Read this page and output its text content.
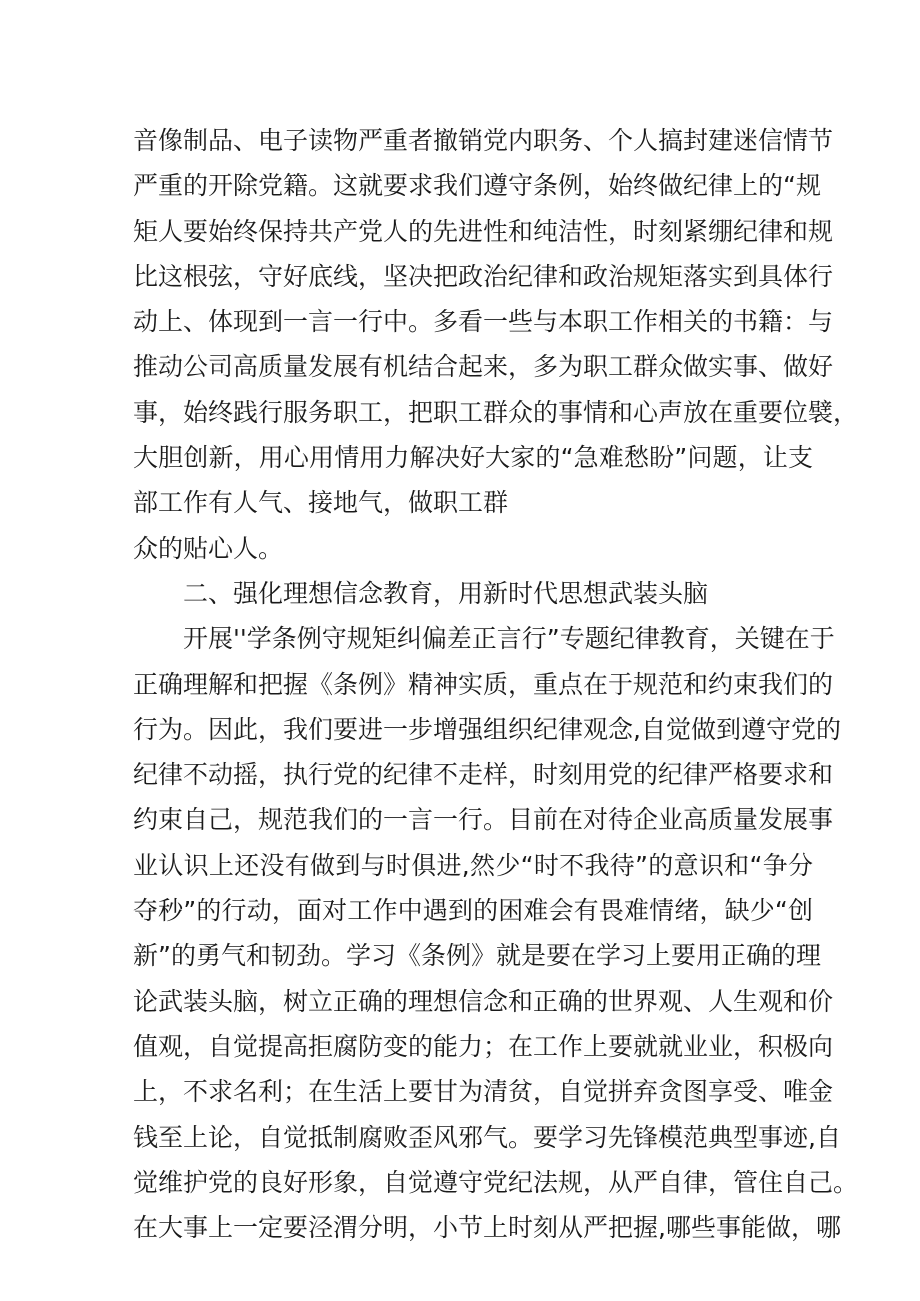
音像制品、电子读物严重者撤销党内职务、个人搞封建迷信情节
严重的开除党籍。这就要求我们遵守条例，始终做纪律上的“规
矩人要始终保持共产党人的先进性和纯洁性，时刻紧绷纪律和规
比这根弦，守好底线，坚决把政治纪律和政治规矩落实到具体行
动上、体现到一言一行中。多看一些与本职工作相关的书籍：与
推动公司高质量发展有机结合起来，多为职工群众做实事、做好
事，始终践行服务职工，把职工群众的事情和心声放在重要位襞，
大胆创新，用心用情用力解决好大家的“急难愁盼”问题，让支
部工作有人气、接地气，做职工群
众的贴心人。
二、强化理想信念教育，用新时代思想武装头脑
开展''学条例守规矩纠偏差正言行”专题纪律教育，关键在于
正确理解和把握《条例》精神实质，重点在于规范和约束我们的
行为。因此，我们要进一步增强组织纪律观念,自觉做到遵守党的
纪律不动摇，执行党的纪律不走样，时刻用党的纪律严格要求和
约束自己，规范我们的一言一行。目前在对待企业高质量发展事
业认识上还没有做到与时俱进,然少“时不我待”的意识和“争分
夺秒”的行动，面对工作中遇到的困难会有畏难情绪，缺少“创
新”的勇气和韧劲。学习《条例》就是要在学习上要用正确的理
论武装头脑，树立正确的理想信念和正确的世界观、人生观和价
值观，自觉提高拒腐防变的能力；在工作上要就就业业，积极向
上，不求名利；在生活上要甘为清贫，自觉拼弃贪图享受、唯金
钱至上论，自觉抵制腐败歪风邪气。要学习先锋模范典型事迹,自
觉维护党的良好形象，自觉遵守党纪法规，从严自律，管住自己。
在大事上一定要泾渭分明，小节上时刻从严把握,哪些事能做，哪
